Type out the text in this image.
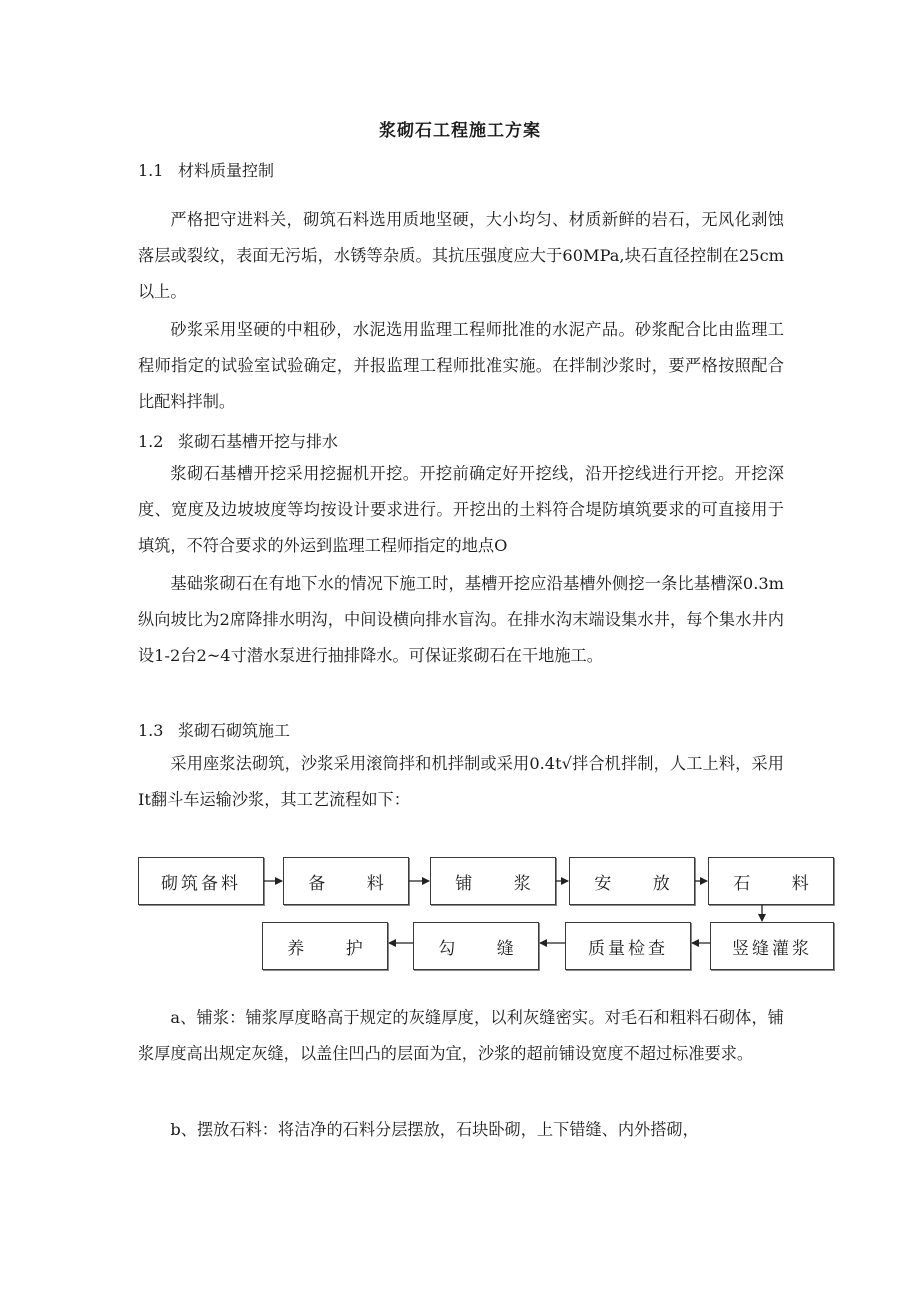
浆砌石工程施工方案
1.1 材料质量控制

严格把守进料关，砌筑石料选用质地坚硬，大小均匀、材质新鲜的岩石，无风化剥蚀落层或裂纹，表面无污垢，水锈等杂质。其抗压强度应大于60MPa,块石直径控制在25cm以上。

砂浆采用坚硬的中粗砂，水泥选用监理工程师批准的水泥产品。砂浆配合比由监理工程师指定的试验室试验确定，并报监理工程师批准实施。在拌制沙浆时，要严格按照配合比配料拌制。

1.2 浆砌石基槽开挖与排水

浆砌石基槽开挖采用挖掘机开挖。开挖前确定好开挖线，沿开挖线进行开挖。开挖深度、宽度及边坡坡度等均按设计要求进行。开挖出的土料符合堤防填筑要求的可直接用于填筑，不符合要求的外运到监理工程师指定的地点O

基础浆砌石在有地下水的情况下施工时，基槽开挖应沿基槽外侧挖一条比基槽深0.3m纵向坡比为2席降排水明沟，中间设横向排水盲沟。在排水沟末端设集水井，每个集水井内设1-2台2~4寸潜水泵进行抽排降水。可保证浆砌石在干地施工。

1.3 浆砌石砌筑施工

采用座浆法砌筑，沙浆采用滚筒拌和机拌制或采用0.4t√拌合机拌制，人工上料，采用It翻斗车运输沙浆，其工艺流程如下：

砌筑备料	备 料	铺 浆	安 放	石 料
养 护	勾 缝	质量检查	竖缝灌浆

a、铺浆：铺浆厚度略高于规定的灰缝厚度，以利灰缝密实。对毛石和粗料石砌体，铺浆厚度高出规定灰缝，以盖住凹凸的层面为宜，沙浆的超前铺设宽度不超过标准要求。

b、摆放石料：将洁净的石料分层摆放，石块卧砌，上下错缝、内外搭砌，
